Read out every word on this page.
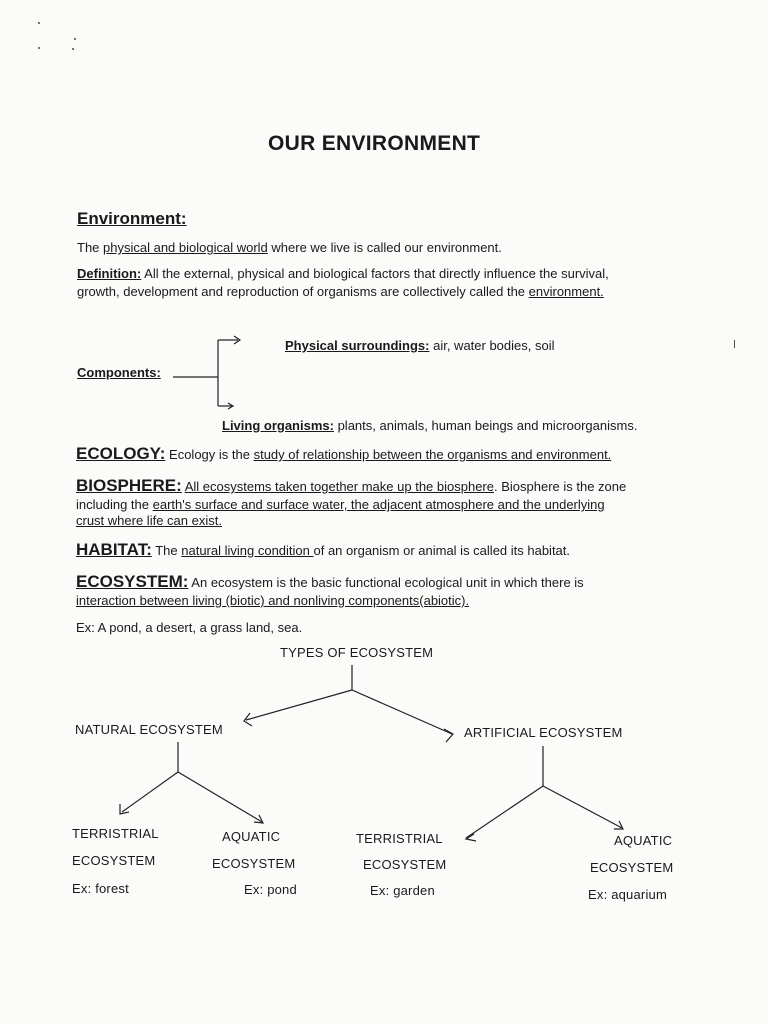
OUR ENVIRONMENT
Environment:
The physical and biological world where we live is called our environment.
Definition: All the external, physical and biological factors that directly influence the survival,
growth, development and reproduction of organisms are collectively called the environment.
Components:
Physical surroundings: air, water bodies, soil
Living organisms: plants, animals, human beings and microorganisms.
ECOLOGY: Ecology is the study of relationship between the organisms and environment.
BIOSPHERE: All ecosystems taken together make up the biosphere. Biosphere is the zone
including the earth's surface and surface water, the adjacent atmosphere and the underlying
crust where life can exist.
HABITAT: The natural living condition of an organism or animal is called its habitat.
ECOSYSTEM: An ecosystem is the basic functional ecological unit in which there is
interaction between living (biotic) and nonliving components(abiotic).
Ex: A pond, a desert, a grass land, sea.
TYPES OF ECOSYSTEM
NATURAL ECOSYSTEM	ARTIFICIAL ECOSYSTEM
TERRISTRIAL
ECOSYSTEM
Ex: forest
AQUATIC
ECOSYSTEM
Ex: pond
TERRISTRIAL
ECOSYSTEM
Ex: garden
AQUATIC
ECOSYSTEM
Ex: aquarium
